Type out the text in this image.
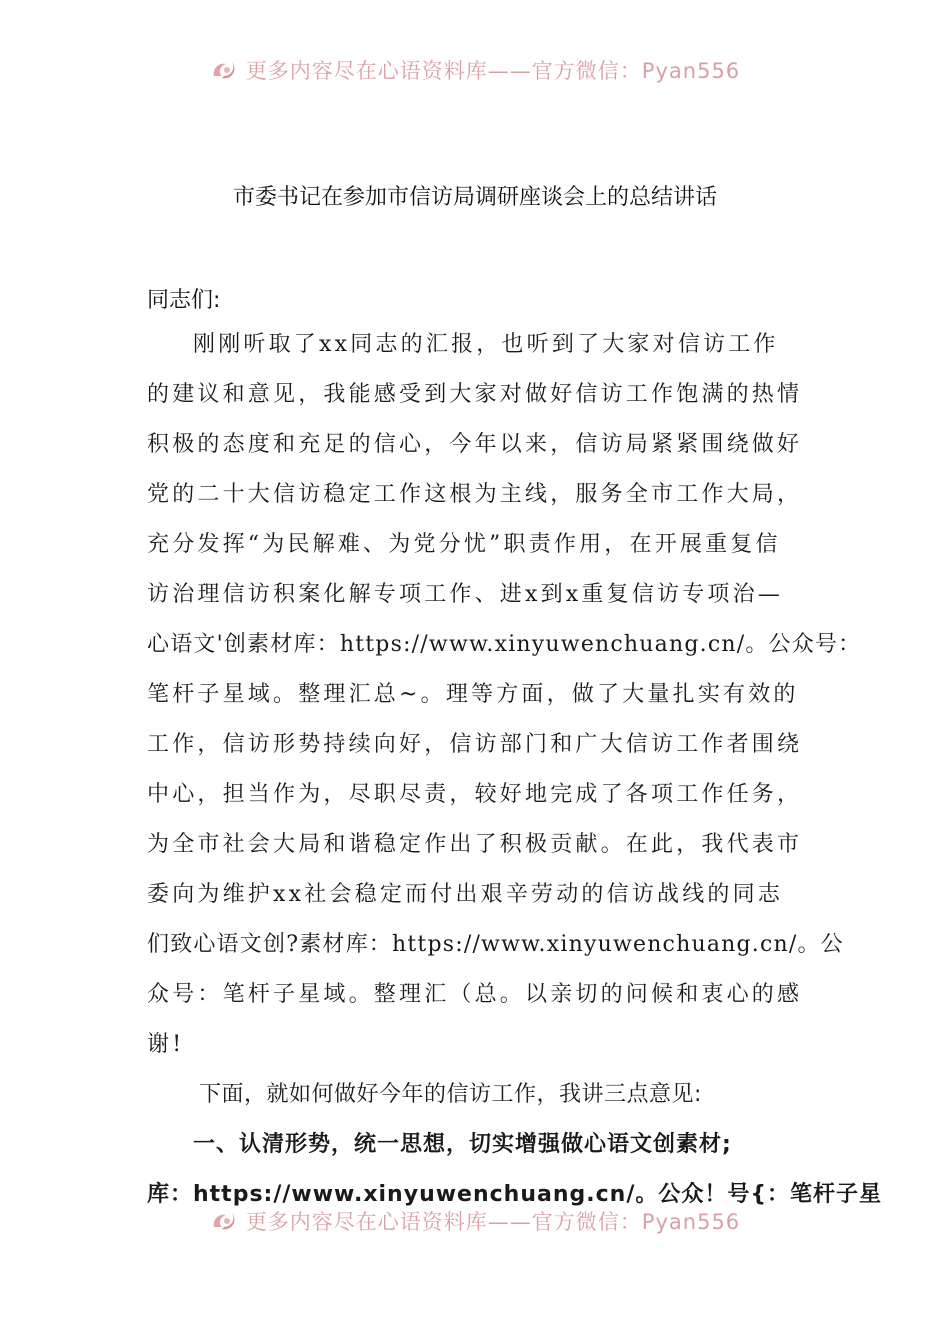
更多内容尽在心语资料库——官方微信：Pyan556
市委书记在参加市信访局调研座谈会上的总结讲话
同志们:
刚刚听取了xx同志的汇报，也听到了大家对信访工作
的建议和意见，我能感受到大家对做好信访工作饱满的热情
积极的态度和充足的信心，今年以来，信访局紧紧围绕做好
党的二十大信访稳定工作这根为主线，服务全市工作大局，
充分发挥“为民解难、为党分忧”职责作用，在开展重复信
访治理信访积案化解专项工作、进x到x重复信访专项治—
心语文'创素材库：https://www.xinyuwenchuang.cn/。公众号：
笔杆子星域。整理汇总~。理等方面，做了大量扎实有效的
工作，信访形势持续向好，信访部门和广大信访工作者围绕
中心，担当作为，尽职尽责，较好地完成了各项工作任务，
为全市社会大局和谐稳定作出了积极贡献。在此，我代表市
委向为维护xx社会稳定而付出艰辛劳动的信访战线的同志
们致心语文创?素材库：https://www.xinyuwenchuang.cn/。公
众号：笔杆子星域。整理汇（总。以亲切的问候和衷心的感
谢!
下面，就如何做好今年的信访工作，我讲三点意见:
一、认清形势，统一思想，切实增强做心语文创素材;
库：https://www.xinyuwenchuang.cn/。公众！号{：笔杆子星
更多内容尽在心语资料库——官方微信：Pyan556
